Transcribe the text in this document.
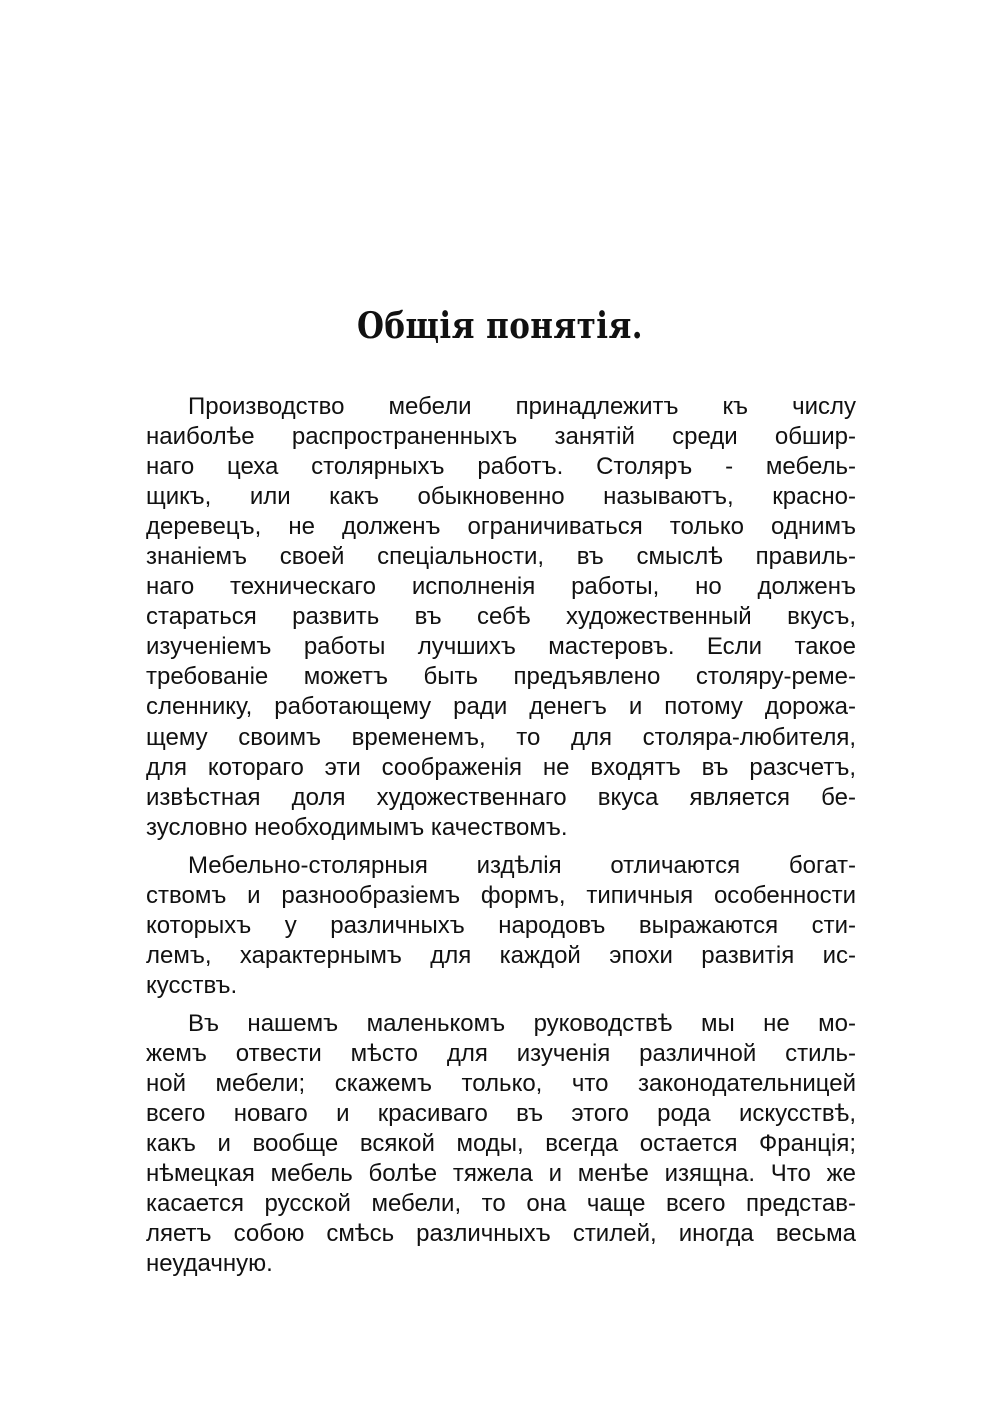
Общія понятія.
Производство мебели принадлежитъ къ числу
наиболѣе распространенныхъ занятій среди обшир-
наго цеха столярныхъ работъ. Столяръ - мебель-
щикъ, или какъ обыкновенно называютъ, красно-
деревецъ, не долженъ ограничиваться только однимъ
знаніемъ своей спеціальности, въ смыслѣ правиль-
наго техническаго исполненія работы, но долженъ
стараться развить въ себѣ художественный вкусъ,
изученіемъ работы лучшихъ мастеровъ. Если такое
требованіе можетъ быть предъявлено столяру-реме-
сленнику, работающему ради денегъ и потому дорожа-
щему своимъ временемъ, то для столяра-любителя,
для котораго эти соображенія не входятъ въ разсчетъ,
извѣстная доля художественнаго вкуса является бе-
зусловно необходимымъ качествомъ.
Мебельно-столярныя издѣлія отличаются богат-
ствомъ и разнообразіемъ формъ, типичныя особенности
которыхъ у различныхъ народовъ выражаются сти-
лемъ, характернымъ для каждой эпохи развитія ис-
кусствъ.
Въ нашемъ маленькомъ руководствѣ мы не мо-
жемъ отвести мѣсто для изученія различной стиль-
ной мебели; скажемъ только, что законодательницей
всего новаго и красиваго въ этого рода искусствѣ,
какъ и вообще всякой моды, всегда остается Франція;
нѣмецкая мебель болѣе тяжела и менѣе изящна. Что же
касается русской мебели, то она чаще всего представ-
ляетъ собою смѣсь различныхъ стилей, иногда весьма
неудачную.
